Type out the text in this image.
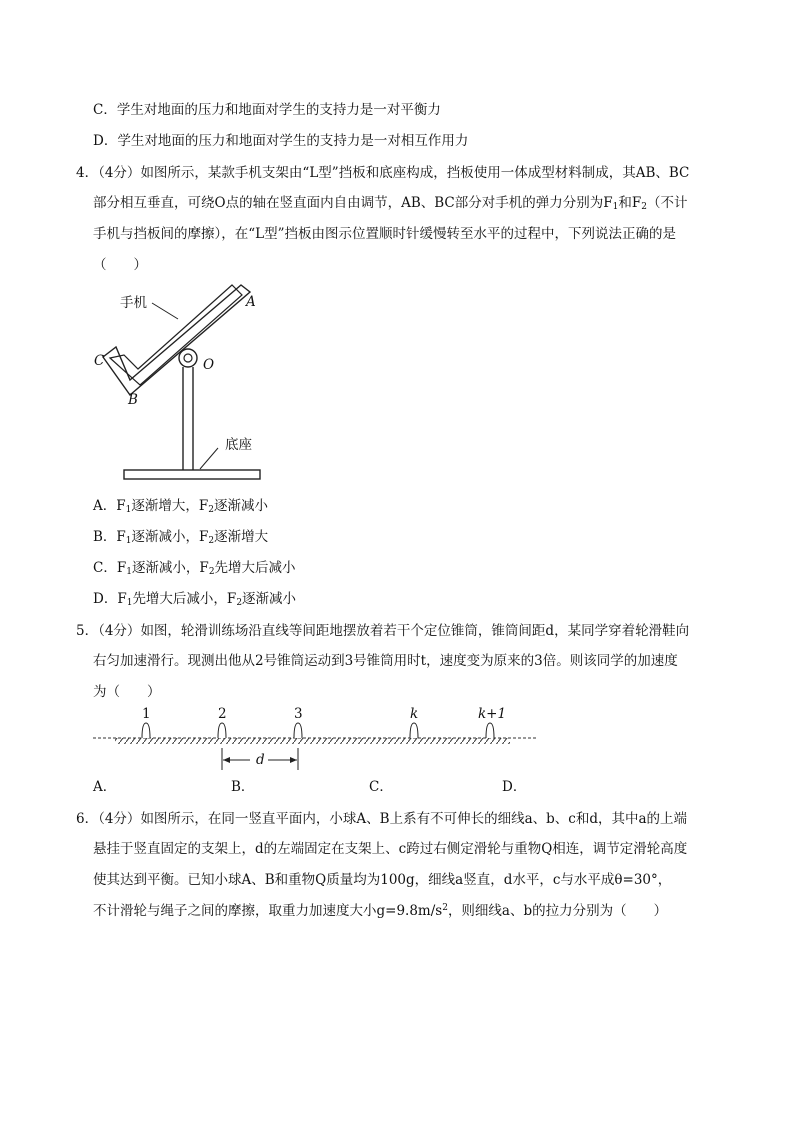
C．学生对地面的压力和地面对学生的支持力是一对平衡力
D．学生对地面的压力和地面对学生的支持力是一对相互作用力
4．（4分）如图所示，某款手机支架由“L型”挡板和底座构成，挡板使用一体成型材料制成，其AB、BC
部分相互垂直，可绕O点的轴在竖直面内自由调节，AB、BC部分对手机的弹力分别为$F_1$和$F_2$（不计
手机与挡板间的摩擦），在“L型”挡板由图示位置顺时针缓慢转至水平的过程中，下列说法正确的是
（　　）
手机	A
C
B
O
底座
A．$F_1$逐渐增大，$F_2$逐渐减小
B．$F_1$逐渐减小，$F_2$逐渐增大
C．$F_1$逐渐减小，$F_2$先增大后减小
D．$F_1$先增大后减小，$F_2$逐渐减小
5．（4分）如图，轮滑训练场沿直线等间距地摆放着若干个定位锥筒，锥筒间距d，某同学穿着轮滑鞋向
右匀加速滑行。现测出他从2号锥筒运动到3号锥筒用时t，速度变为原来的3倍。则该同学的加速度
为（　　）
1	2	3	k	k+1
d
A．	B．	C．	D．
6．（4分）如图所示，在同一竖直平面内，小球A、B上系有不可伸长的细线a、b、c和d，其中a的上端
悬挂于竖直固定的支架上，d的左端固定在支架上、c跨过右侧定滑轮与重物Q相连，调节定滑轮高度
使其达到平衡。已知小球A、B和重物Q质量均为100g，细线a竖直，d水平，c与水平成θ=30°，
不计滑轮与绳子之间的摩擦，取重力加速度大小$g=9.8m/s^2$，则细线a、b的拉力分别为（　　）
